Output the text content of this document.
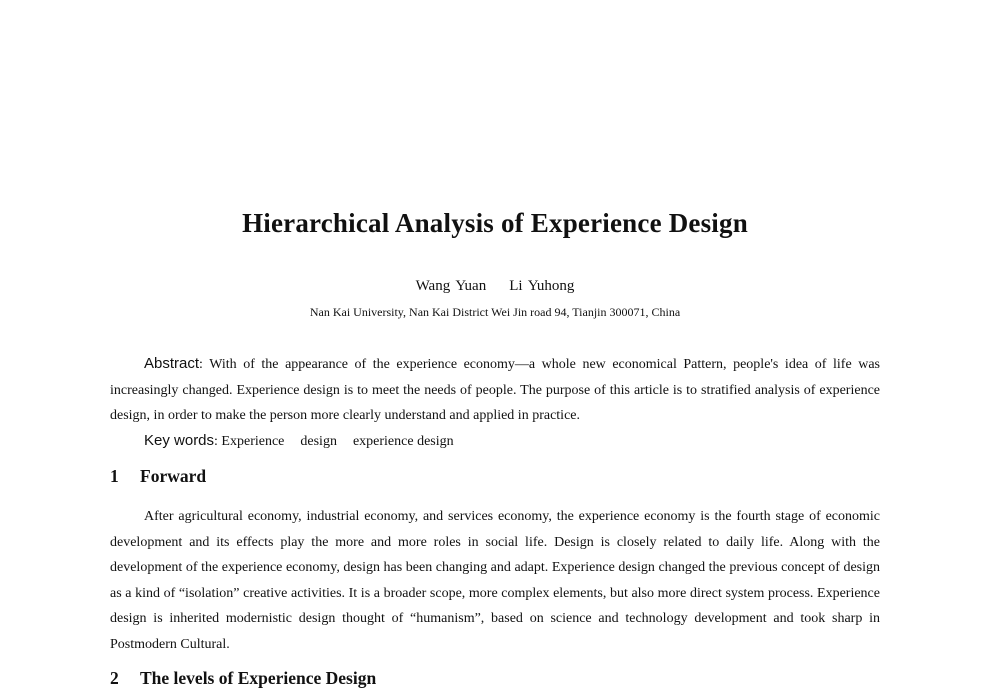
Hierarchical Analysis of Experience Design
Wang Yuan    Li Yuhong
Nan Kai University, Nan Kai District Wei Jin road 94, Tianjin 300071, China
Abstract: With of the appearance of the experience economy—a whole new economical Pattern, people's idea of life was increasingly changed. Experience design is to meet the needs of people. The purpose of this article is to stratified analysis of experience design, in order to make the person more clearly understand and applied in practice.
Key words: Experience design experience design
1 Forward
After agricultural economy, industrial economy, and services economy, the experience economy is the fourth stage of economic development and its effects play the more and more roles in social life. Design is closely related to daily life. Along with the development of the experience economy, design has been changing and adapt. Experience design changed the previous concept of design as a kind of “isolation” creative activities. It is a broader scope, more complex elements, but also more direct system process. Experience design is inherited modernistic design thought of “humanism”, based on science and technology development and took sharp in Postmodern Cultural.
2 The levels of Experience Design
